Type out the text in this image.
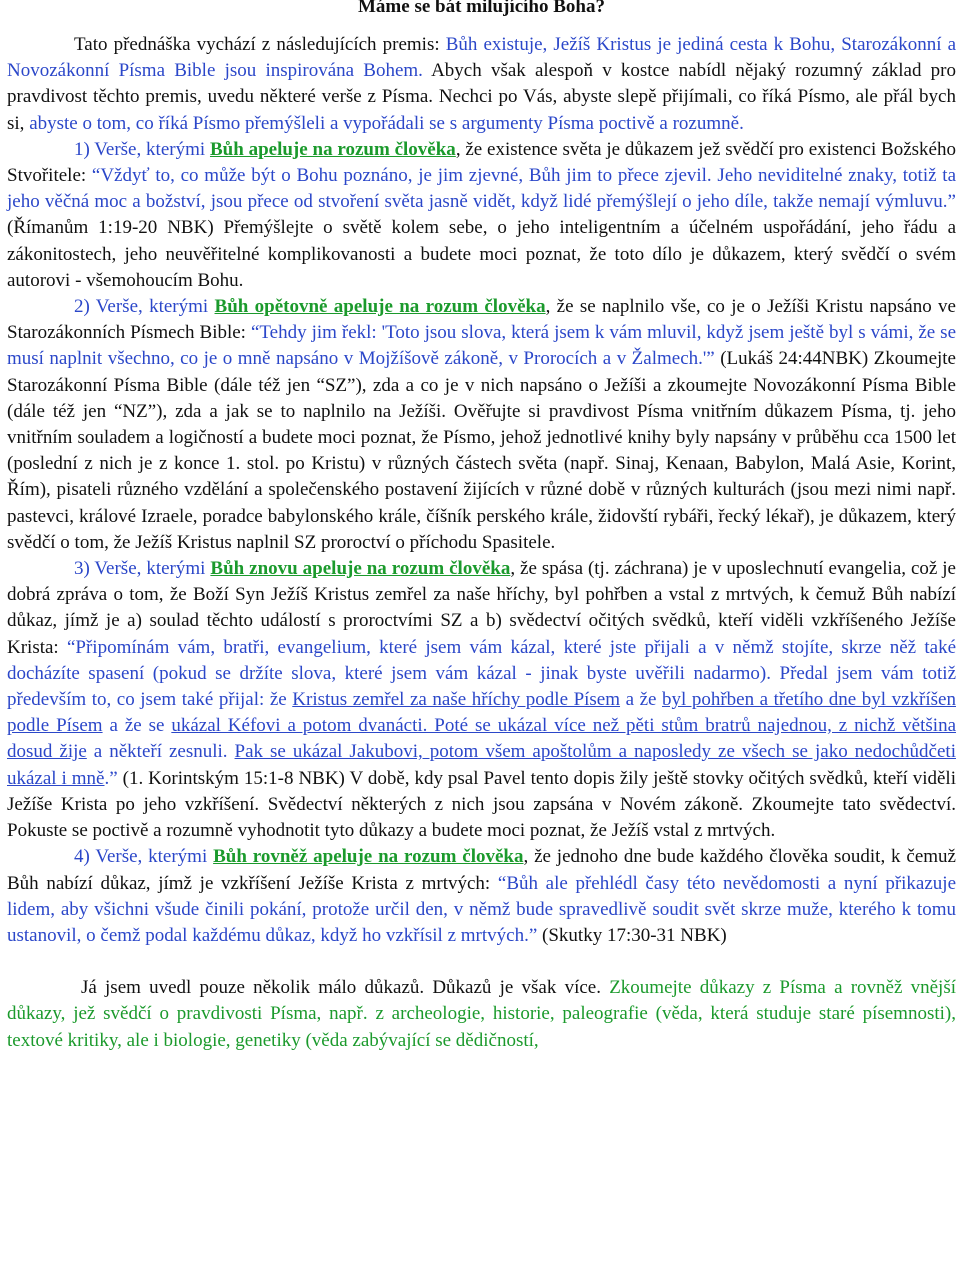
Máme se bát milujícího Boha?

Tato přednáška vychází z následujících premis: Bůh existuje, Ježíš Kristus je jediná cesta k Bohu, Starozákonní a Novozákonní Písma Bible jsou inspirována Bohem. Abych však alespoň v kostce nabídl nějaký rozumný základ pro pravdivost těchto premis, uvedu některé verše z Písma. Nechci po Vás, abyste slepě přijímali, co říká Písmo, ale přál bych si, abyste o tom, co říká Písmo přemýšleli a vypořádali se s argumenty Písma poctivě a rozumně.

1) Verše, kterými Bůh apeluje na rozum člověka, že existence světa je důkazem jež svědčí pro existenci Božského Stvořitele: “Vždyť to, co může být o Bohu poznáno, je jim zjevné, Bůh jim to přece zjevil. Jeho neviditelné znaky, totiž ta jeho věčná moc a božství, jsou přece od stvoření světa jasně vidět, když lidé přemýšlejí o jeho díle, takže nemají výmluvu.” (Římanům 1:19-20 NBK) Přemýšlejte o světě kolem sebe, o jeho inteligentním a účelném uspořádání, jeho řádu a zákonitostech, jeho neuvěřitelné komplikovanosti a budete moci poznat, že toto dílo je důkazem, který svědčí o svém autorovi - všemohoucím Bohu.

2) Verše, kterými Bůh opětovně apeluje na rozum člověka, že se naplnilo vše, co je o Ježíši Kristu napsáno ve Starozákonních Písmech Bible: “Tehdy jim řekl: 'Toto jsou slova, která jsem k vám mluvil, když jsem ještě byl s vámi, že se musí naplnit všechno, co je o mně napsáno v Mojžíšově zákoně, v Prorocích a v Žalmech.'” (Lukáš 24:44NBK) Zkoumejte Starozákonní Písma Bible (dále též jen “SZ”), zda a co je v nich napsáno o Ježíši a zkoumejte Novozákonní Písma Bible (dále též jen “NZ”), zda a jak se to naplnilo na Ježíši. Ověřujte si pravdivost Písma vnitřním důkazem Písma, tj. jeho vnitřním souladem a logičností a budete moci poznat, že Písmo, jehož jednotlivé knihy byly napsány v průběhu cca 1500 let (poslední z nich je z konce 1. stol. po Kristu) v různých částech světa (např. Sinaj, Kenaan, Babylon, Malá Asie, Korint, Řím), pisateli různého vzdělání a společenského postavení žijících v různé době v různých kulturách (jsou mezi nimi např. pastevci, králové Izraele, poradce babylonského krále, číšník perského krále, židovští rybáři, řecký lékař), je důkazem, který svědčí o tom, že Ježíš Kristus naplnil SZ proroctví o příchodu Spasitele.

3) Verše, kterými Bůh znovu apeluje na rozum člověka, že spása (tj. záchrana) je v uposlechnutí evangelia, což je dobrá zpráva o tom, že Boží Syn Ježíš Kristus zemřel za naše hříchy, byl pohřben a vstal z mrtvých, k čemuž Bůh nabízí důkaz, jímž je a) soulad těchto událostí s proroctvími SZ a b) svědectví očitých svědků, kteří viděli vzkříšeného Ježíše Krista: “Připomínám vám, bratři, evangelium, které jsem vám kázal, které jste přijali a v němž stojíte, skrze něž také docházíte spasení (pokud se držíte slova, které jsem vám kázal - jinak byste uvěřili nadarmo). Předal jsem vám totiž především to, co jsem také přijal: že Kristus zemřel za naše hříchy podle Písem a že byl pohřben a třetího dne byl vzkříšen podle Písem a že se ukázal Kéfovi a potom dvanácti. Poté se ukázal více než pěti stům bratrů najednou, z nichž většina dosud žije a někteří zesnuli. Pak se ukázal Jakubovi, potom všem apoštolům a naposledy ze všech se jako nedochůdčeti ukázal i mně.” (1. Korintským 15:1-8 NBK) V době, kdy psal Pavel tento dopis žily ještě stovky očitých svědků, kteří viděli Ježíše Krista po jeho vzkříšení. Svědectví některých z nich jsou zapsána v Novém zákoně. Zkoumejte tato svědectví. Pokuste se poctivě a rozumně vyhodnotit tyto důkazy a budete moci poznat, že Ježíš vstal z mrtvých.

4) Verše, kterými Bůh rovněž apeluje na rozum člověka, že jednoho dne bude každého člověka soudit, k čemuž Bůh nabízí důkaz, jímž je vzkříšení Ježíše Krista z mrtvých: “Bůh ale přehlédl časy této nevědomosti a nyní přikazuje lidem, aby všichni všude činili pokání, protože určil den, v němž bude spravedlivě soudit svět skrze muže, kterého k tomu ustanovil, o čemž podal každému důkaz, když ho vzkřísil z mrtvých.” (Skutky 17:30-31 NBK)

Já jsem uvedl pouze několik málo důkazů. Důkazů je však více. Zkoumejte důkazy z Písma a rovněž vnější důkazy, jež svědčí o pravdivosti Písma, např. z archeologie, historie, paleografie (věda, která studuje staré písemnosti), textové kritiky, ale i biologie, genetiky (věda zabývající se dědičností,
